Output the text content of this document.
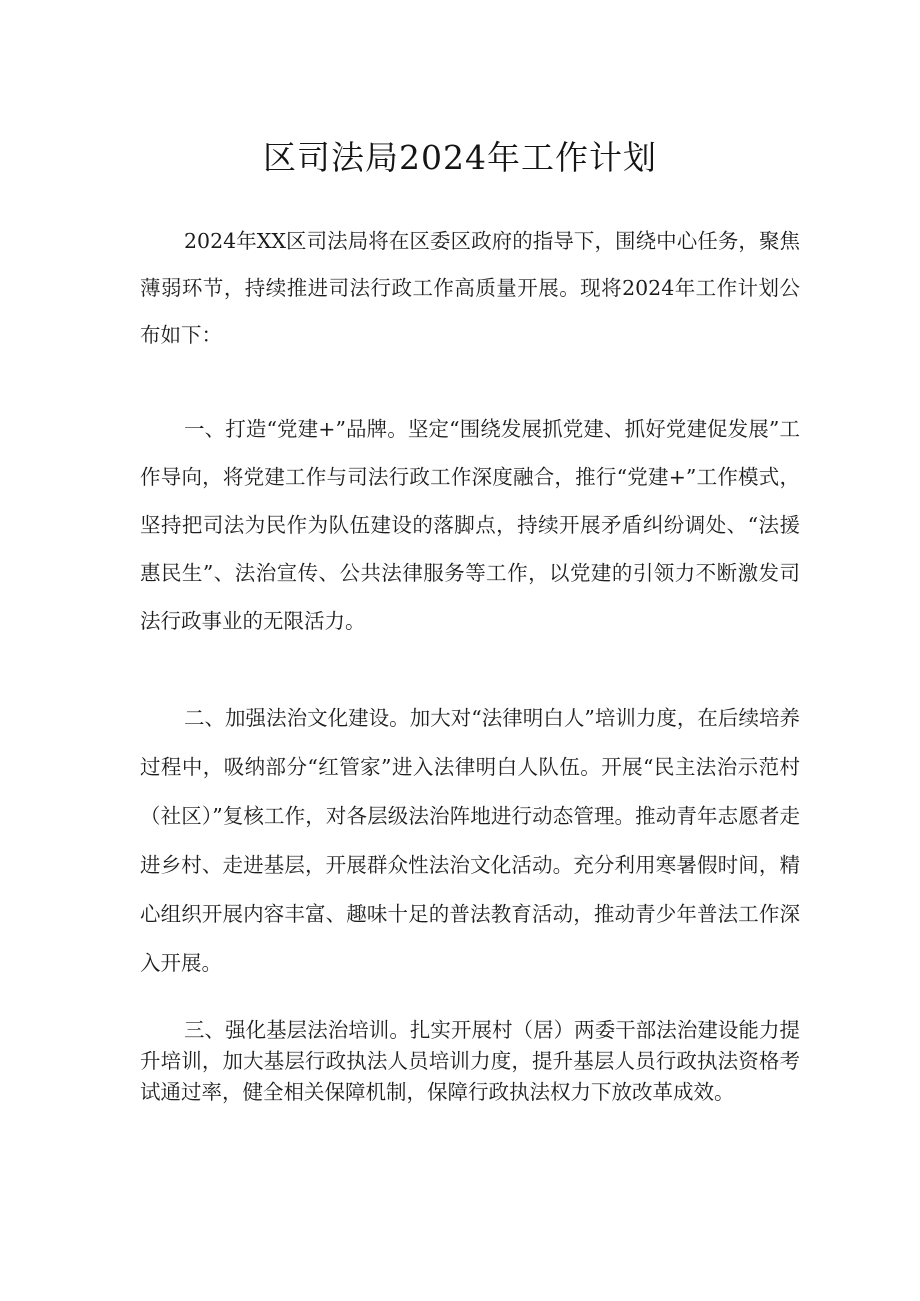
区司法局2024年工作计划

2024年XX区司法局将在区委区政府的指导下，围绕中心任务，聚焦薄弱环节，持续推进司法行政工作高质量开展。现将2024年工作计划公布如下：

一、打造“党建+”品牌。坚定“围绕发展抓党建、抓好党建促发展”工作导向，将党建工作与司法行政工作深度融合，推行“党建+”工作模式，坚持把司法为民作为队伍建设的落脚点，持续开展矛盾纠纷调处、“法援惠民生”、法治宣传、公共法律服务等工作，以党建的引领力不断激发司法行政事业的无限活力。

二、加强法治文化建设。加大对“法律明白人”培训力度，在后续培养过程中，吸纳部分“红管家”进入法律明白人队伍。开展“民主法治示范村（社区）”复核工作，对各层级法治阵地进行动态管理。推动青年志愿者走进乡村、走进基层，开展群众性法治文化活动。充分利用寒暑假时间，精心组织开展内容丰富、趣味十足的普法教育活动，推动青少年普法工作深入开展。

三、强化基层法治培训。扎实开展村（居）两委干部法治建设能力提升培训，加大基层行政执法人员培训力度，提升基层人员行政执法资格考试通过率，健全相关保障机制，保障行政执法权力下放改革成效。
